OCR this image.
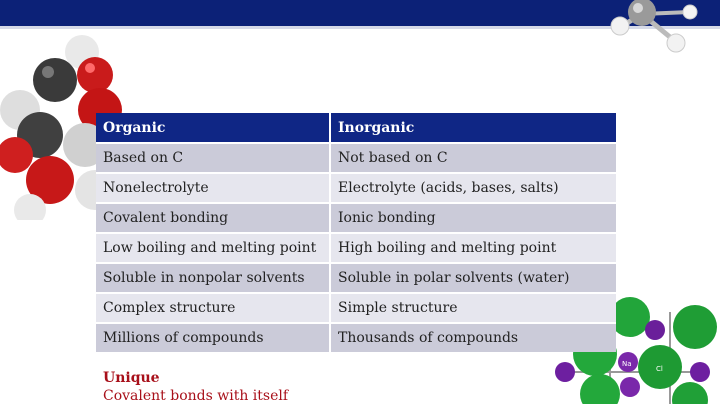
Na
Cl
Organic	Inorganic
Based on C	Not based on C
Nonelectrolyte	Electrolyte (acids, bases, salts)
Covalent bonding	Ionic bonding
Low boiling and melting point	High boiling and melting point
Soluble in nonpolar solvents	Soluble in polar solvents (water)
Complex structure	Simple structure
Millions of compounds	Thousands of compounds
Unique
Covalent bonds with itself
